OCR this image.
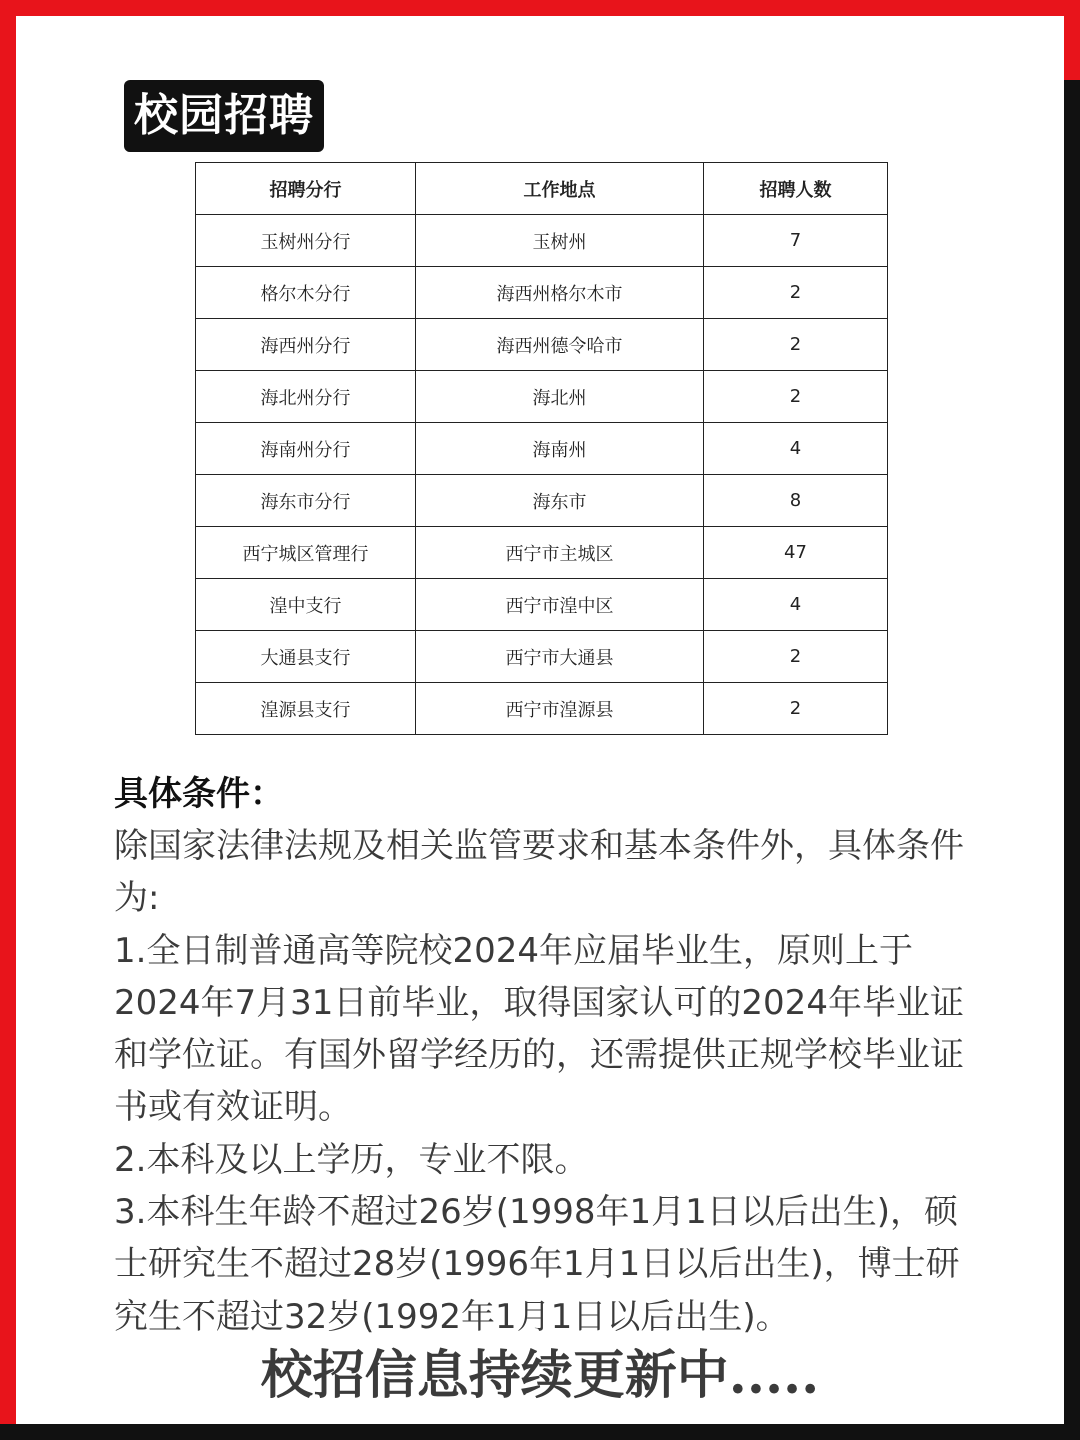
校园招聘
招聘分行	工作地点	招聘人数
玉树州分行	玉树州	7
格尔木分行	海西州格尔木市	2
海西州分行	海西州德令哈市	2
海北州分行	海北州	2
海南州分行	海南州	4
海东市分行	海东市	8
西宁城区管理行	西宁市主城区	47
湟中支行	西宁市湟中区	4
大通县支行	西宁市大通县	2
湟源县支行	西宁市湟源县	2
具体条件：

除国家法律法规及相关监管要求和基本条件外，具体条件为:

1.全日制普通高等院校2024年应届毕业生，原则上于2024年7月31日前毕业，取得国家认可的2024年毕业证和学位证。有国外留学经历的，还需提供正规学校毕业证书或有效证明。

2.本科及以上学历，专业不限。

3.本科生年龄不超过26岁(1998年1月1日以后出生)，硕士研究生不超过28岁(1996年1月1日以后出生)，博士研究生不超过32岁(1992年1月1日以后出生)。

校招信息持续更新中.....
